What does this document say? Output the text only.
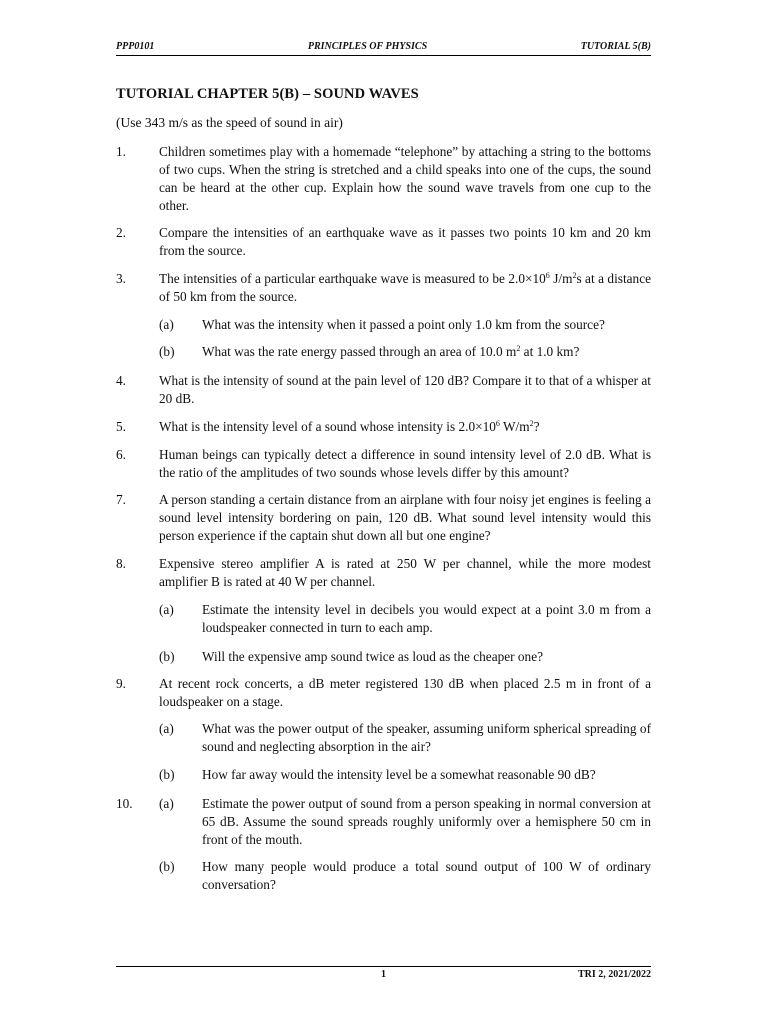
PPP0101	PRINCIPLES OF PHYSICS	TUTORIAL 5(B)
TUTORIAL CHAPTER 5(B) – SOUND WAVES
(Use 343 m/s as the speed of sound in air)
1. Children sometimes play with a homemade “telephone” by attaching a string to the bottoms of two cups. When the string is stretched and a child speaks into one of the cups, the sound can be heard at the other cup. Explain how the sound wave travels from one cup to the other.
2. Compare the intensities of an earthquake wave as it passes two points 10 km and 20 km from the source.
3. The intensities of a particular earthquake wave is measured to be $2.0\times 10^6$ $J/m^2s$ at a distance of 50 km from the source.
(a) What was the intensity when it passed a point only 1.0 km from the source?
(b) What was the rate energy passed through an area of 10.0 $m^2$ at 1.0 km?
4. What is the intensity of sound at the pain level of 120 dB? Compare it to that of a whisper at 20 dB.
5. What is the intensity level of a sound whose intensity is $2.0\times 10^6$ $W/m^2$?
6. Human beings can typically detect a difference in sound intensity level of 2.0 dB. What is the ratio of the amplitudes of two sounds whose levels differ by this amount?
7. A person standing a certain distance from an airplane with four noisy jet engines is feeling a sound level intensity bordering on pain, 120 dB. What sound level intensity would this person experience if the captain shut down all but one engine?
8. Expensive stereo amplifier A is rated at 250 W per channel, while the more modest amplifier B is rated at 40 W per channel.
(a) Estimate the intensity level in decibels you would expect at a point 3.0 m from a loudspeaker connected in turn to each amp.
(b) Will the expensive amp sound twice as loud as the cheaper one?
9. At recent rock concerts, a dB meter registered 130 dB when placed 2.5 m in front of a loudspeaker on a stage.
(a) What was the power output of the speaker, assuming uniform spherical spreading of sound and neglecting absorption in the air?
(b) How far away would the intensity level be a somewhat reasonable 90 dB?
10. (a) Estimate the power output of sound from a person speaking in normal conversion at 65 dB. Assume the sound spreads roughly uniformly over a hemisphere 50 cm in front of the mouth.
(b) How many people would produce a total sound output of 100 W of ordinary conversation?
1	TRI 2, 2021/2022
